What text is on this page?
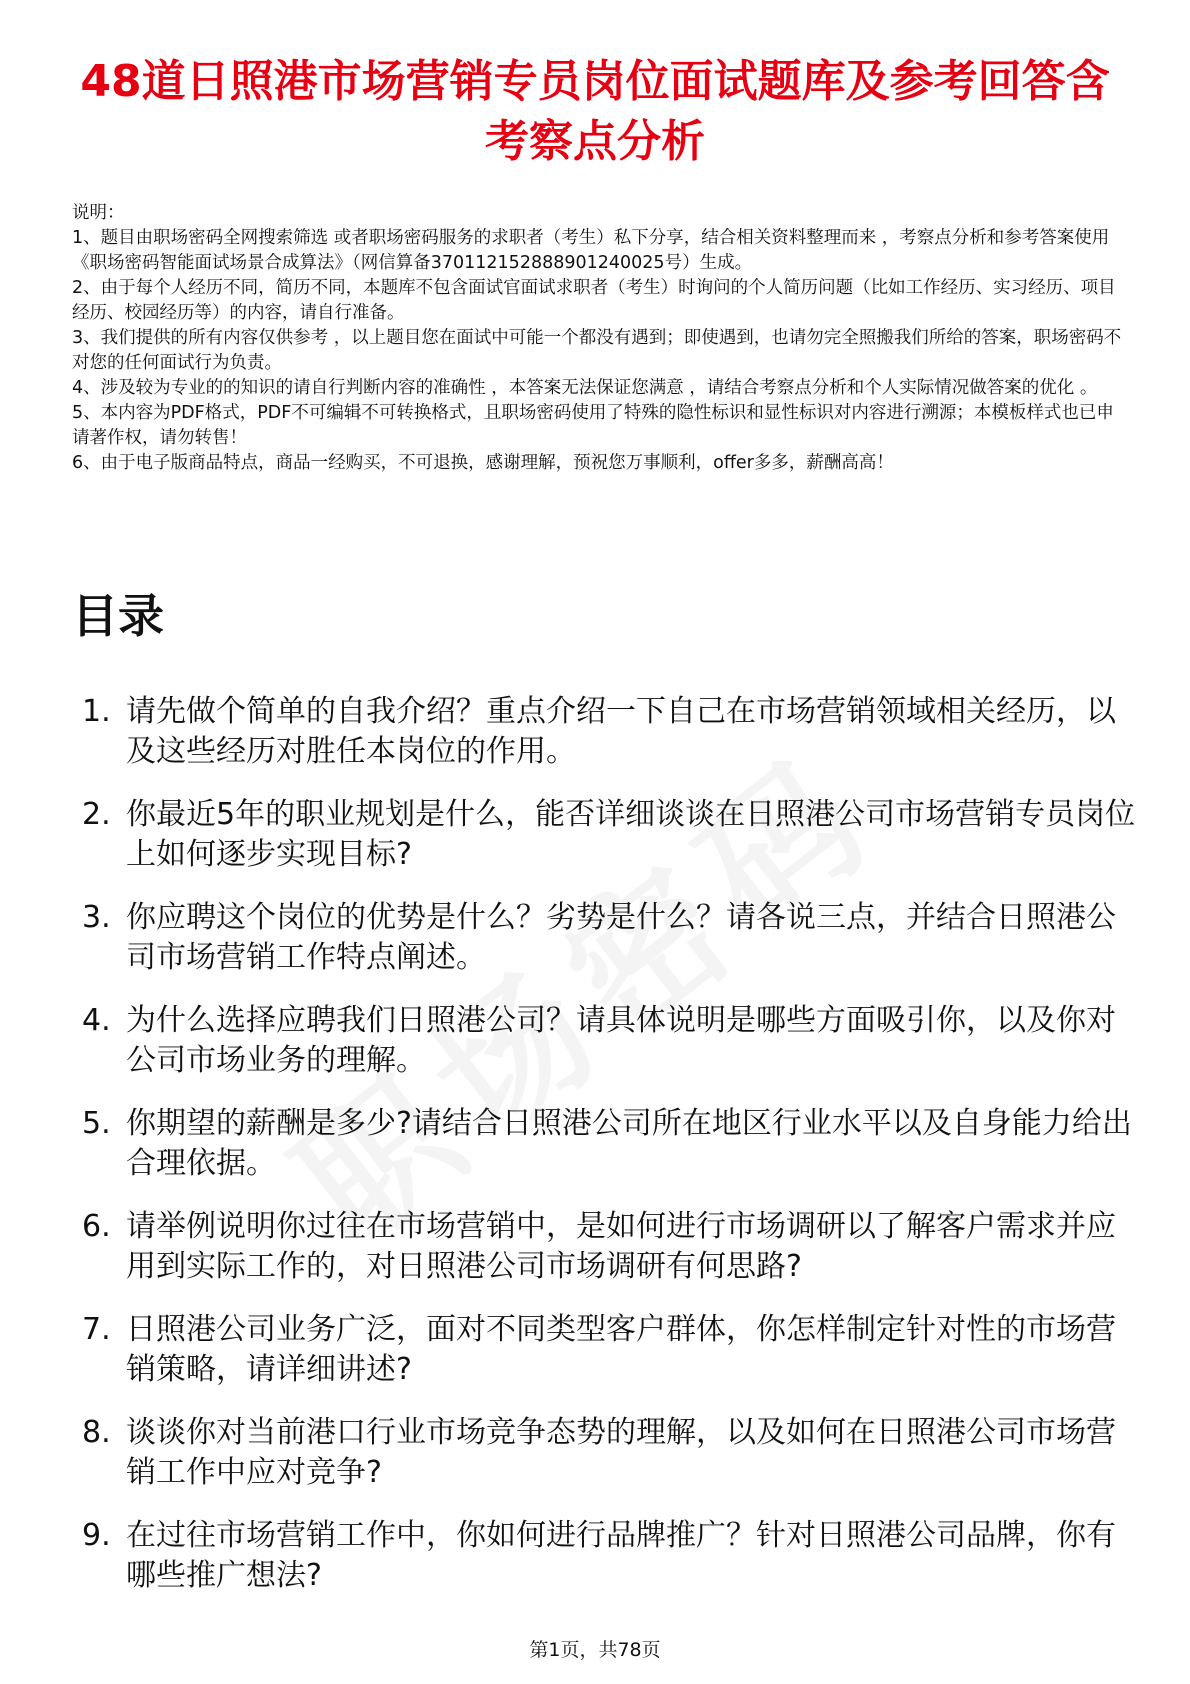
48道日照港市场营销专员岗位面试题库及参考回答含考察点分析

说明：

1、题目由职场密码全网搜索筛选 或者职场密码服务的求职者（考生）私下分享，结合相关资料整理而来 ，考察点分析和参考答案使用《职场密码智能面试场景合成算法》（网信算备370112152888901240025号）生成。

2、由于每个人经历不同，简历不同，本题库不包含面试官面试求职者（考生）时询问的个人简历问题（比如工作经历、实习经历、项目经历、校园经历等）的内容，请自行准备。

3、我们提供的所有内容仅供参考 ，以上题目您在面试中可能一个都没有遇到；即使遇到，也请勿完全照搬我们所给的答案，职场密码不对您的任何面试行为负责。

4、涉及较为专业的的知识的请自行判断内容的准确性 ，本答案无法保证您满意 ，请结合考察点分析和个人实际情况做答案的优化 。

5、本内容为PDF格式，PDF不可编辑不可转换格式，且职场密码使用了特殊的隐性标识和显性标识对内容进行溯源；本模板样式也已申请著作权，请勿转售！

6、由于电子版商品特点，商品一经购买，不可退换，感谢理解，预祝您万事顺利，offer多多，薪酬高高！

目录
1. 请先做个简单的自我介绍？重点介绍一下自己在市场营销领域相关经历，以及这些经历对胜任本岗位的作用。
2. 你最近5年的职业规划是什么，能否详细谈谈在日照港公司市场营销专员岗位上如何逐步实现目标?
3. 你应聘这个岗位的优势是什么？劣势是什么？请各说三点，并结合日照港公司市场营销工作特点阐述。
4. 为什么选择应聘我们日照港公司？请具体说明是哪些方面吸引你，以及你对公司市场业务的理解。
5. 你期望的薪酬是多少?请结合日照港公司所在地区行业水平以及自身能力给出合理依据。
6. 请举例说明你过往在市场营销中，是如何进行市场调研以了解客户需求并应用到实际工作的，对日照港公司市场调研有何思路?
7. 日照港公司业务广泛，面对不同类型客户群体，你怎样制定针对性的市场营销策略，请详细讲述?
8. 谈谈你对当前港口行业市场竞争态势的理解，以及如何在日照港公司市场营销工作中应对竞争?
9. 在过往市场营销工作中，你如何进行品牌推广？针对日照港公司品牌，你有哪些推广想法?
第1页，共78页
